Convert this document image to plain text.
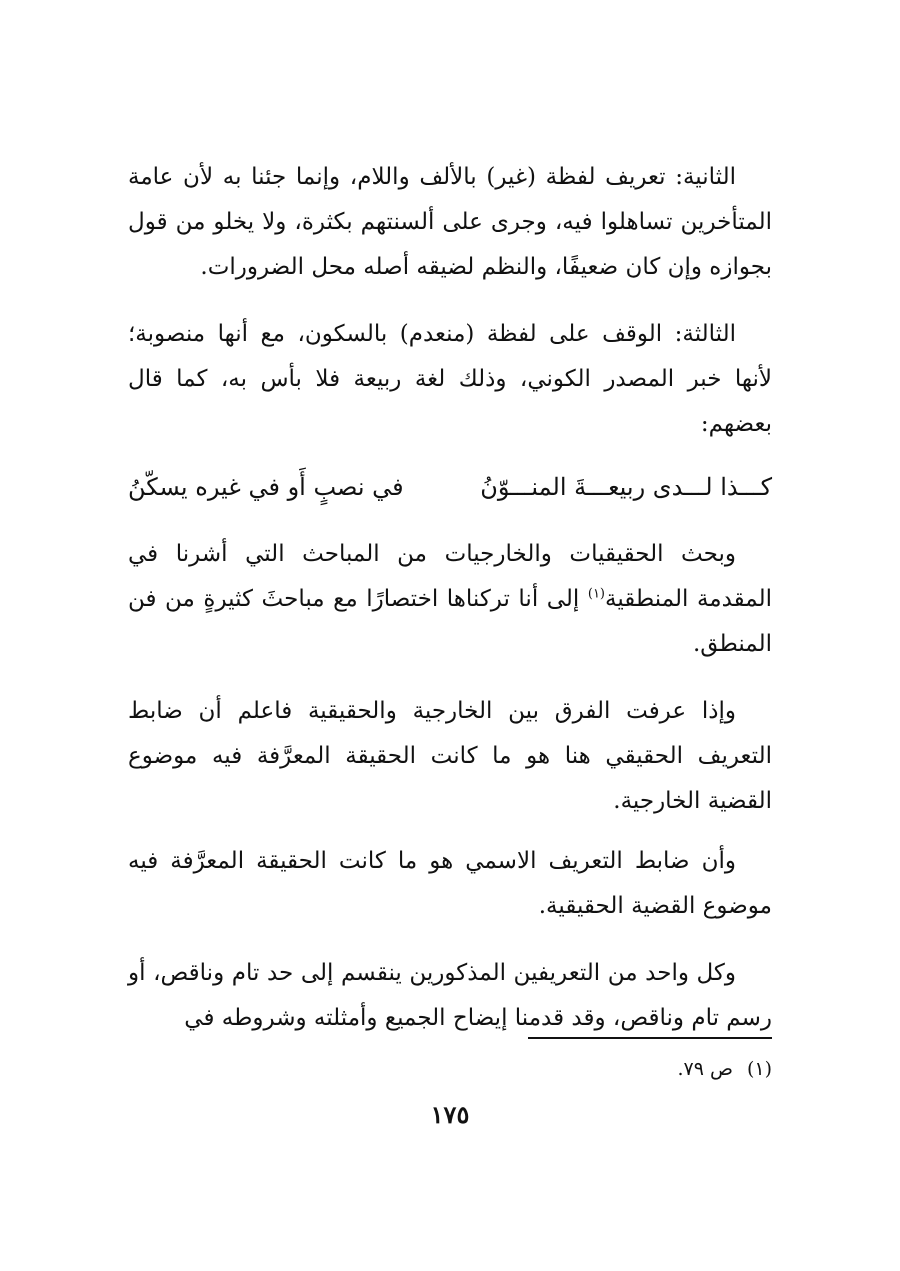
الثانية: تعريف لفظة (غير) بالألف واللام، وإنما جئنا به لأن عامة المتأخرين تساهلوا فيه، وجرى على ألسنتهم بكثرة، ولا يخلو من قول بجوازه وإن كان ضعيفًا، والنظم لضيقه أصله محل الضرورات.

الثالثة: الوقف على لفظة (منعدم) بالسكون، مع أنها منصوبة؛ لأنها خبر المصدر الكوني، وذلك لغة ربيعة فلا بأس به، كما قال بعضهم:

كـــذا لـــدى ربيعـــةَ المنـــوّنُ
في نصبٍ أَو في غيره يسكّنُ

وبحث الحقيقيات والخارجيات من المباحث التي أشرنا في المقدمة المنطقية$^{(١)}$ إلى أنا تركناها اختصارًا مع مباحثَ كثيرةٍ من فن المنطق.

وإذا عرفت الفرق بين الخارجية والحقيقية فاعلم أن ضابط التعريف الحقيقي هنا هو ما كانت الحقيقة المعرَّفة فيه موضوع القضية الخارجية.

وأن ضابط التعريف الاسمي هو ما كانت الحقيقة المعرَّفة فيه موضوع القضية الحقيقية.

وكل واحد من التعريفين المذكورين ينقسم إلى حد تام وناقص، أو رسم تام وناقص، وقد قدمنا إيضاح الجميع وأمثلته وشروطه في

(١)ص ٧٩.
١٧٥
